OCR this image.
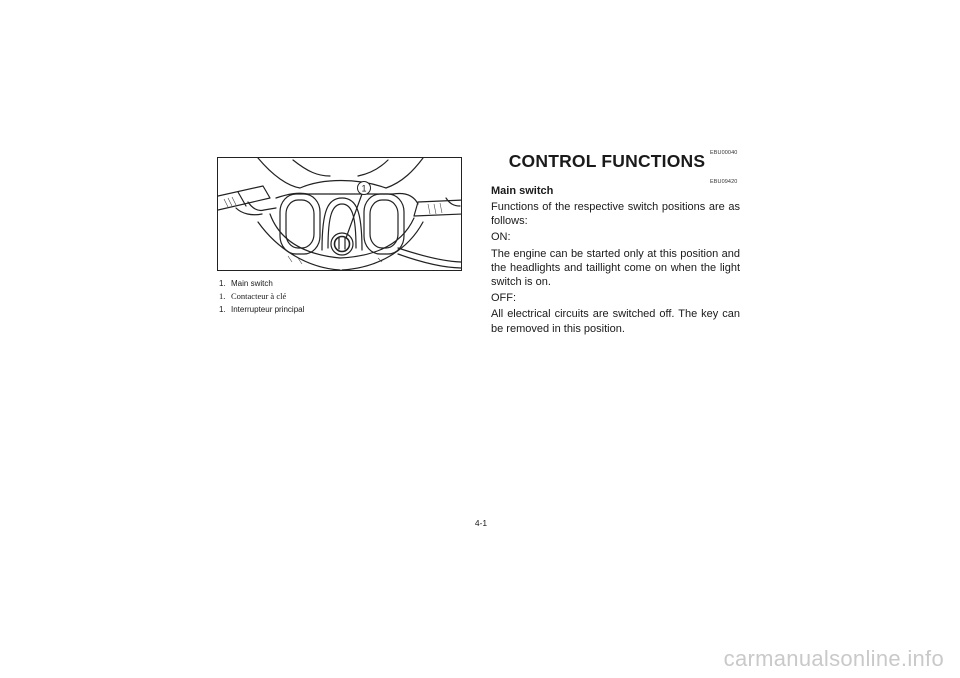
1
1. Main switch
1. Contacteur à clé
1. Interrupteur principal
EBU00040
CONTROL FUNCTIONS
EBU09420

Main switch

Functions of the respective switch positions are as follows:

ON:

The engine can be started only at this position and the headlights and taillight come on when the light switch is on.

OFF:

All electrical circuits are switched off. The key can be removed in this position.

4-1
carmanualsonline.info
